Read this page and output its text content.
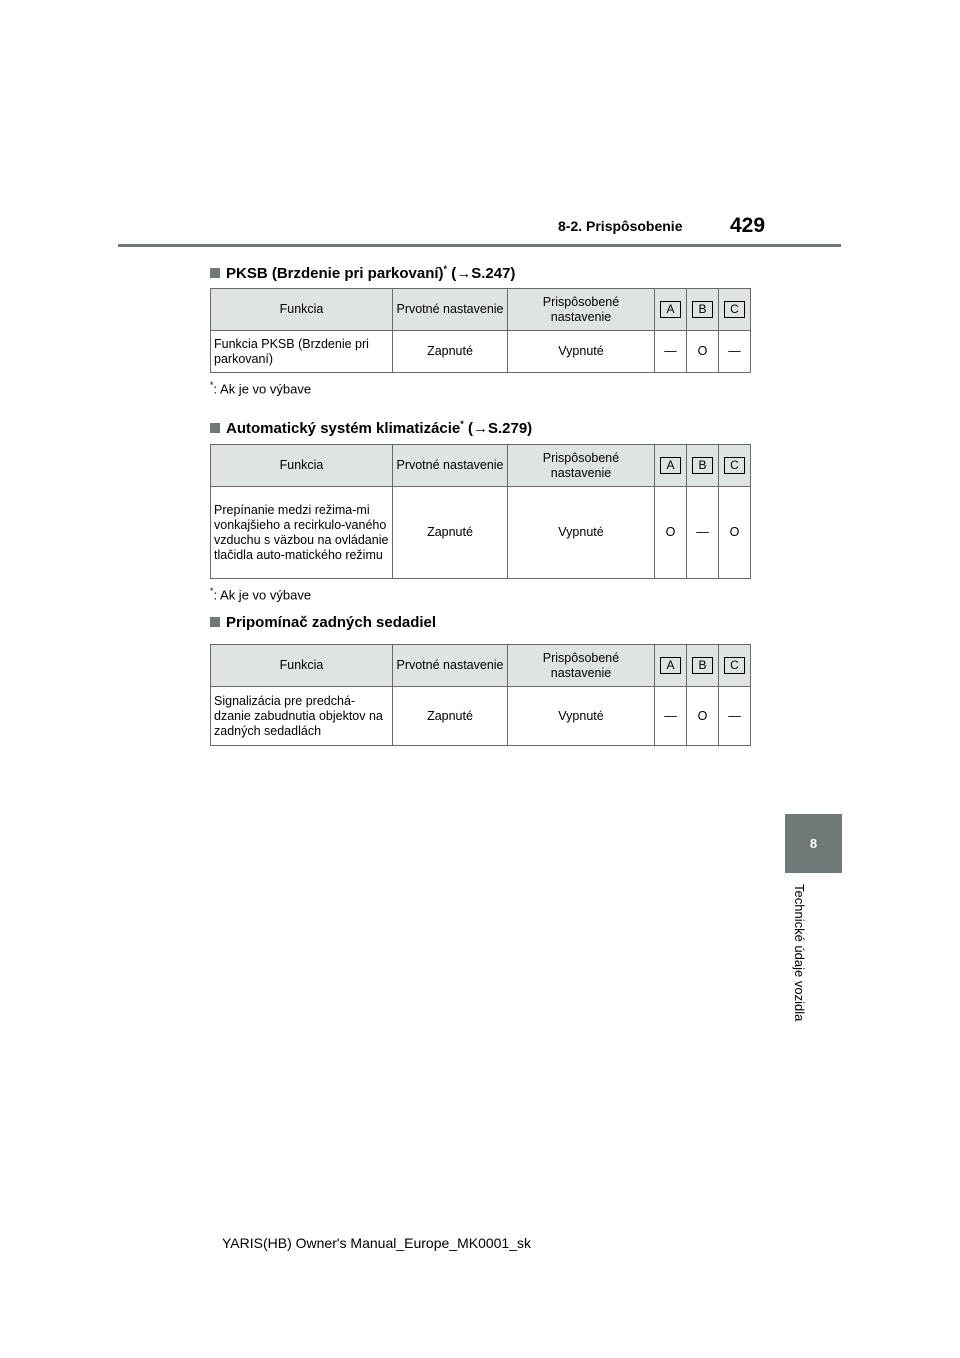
8-2. Prispôsobenie 429
8
Technické údaje vozidla
PKSB (Brzdenie pri parkovaní)* (→S.247)
Funkcia	Prvotné nastavenie	Prispôsobené nastavenie	A	B	C
Funkcia PKSB (Brzdenie pri parkovaní)	Zapnuté	Vypnuté	—	O	—
*: Ak je vo výbave
Automatický systém klimatizácie* (→S.279)
Funkcia	Prvotné nastavenie	Prispôsobené nastavenie	A	B	C
Prepínanie medzi režima-mi vonkajšieho a recirkulo-vaného vzduchu s väzbou na ovládanie tlačidla auto-matického režimu	Zapnuté	Vypnuté	O	—	O
*: Ak je vo výbave
Pripomínač zadných sedadiel
Funkcia	Prvotné nastavenie	Prispôsobené nastavenie	A	B	C
Signalizácia pre predchá-dzanie zabudnutia objektov na zadných sedadlách	Zapnuté	Vypnuté	—	O	—
YARIS(HB) Owner's Manual_Europe_MK0001_sk
